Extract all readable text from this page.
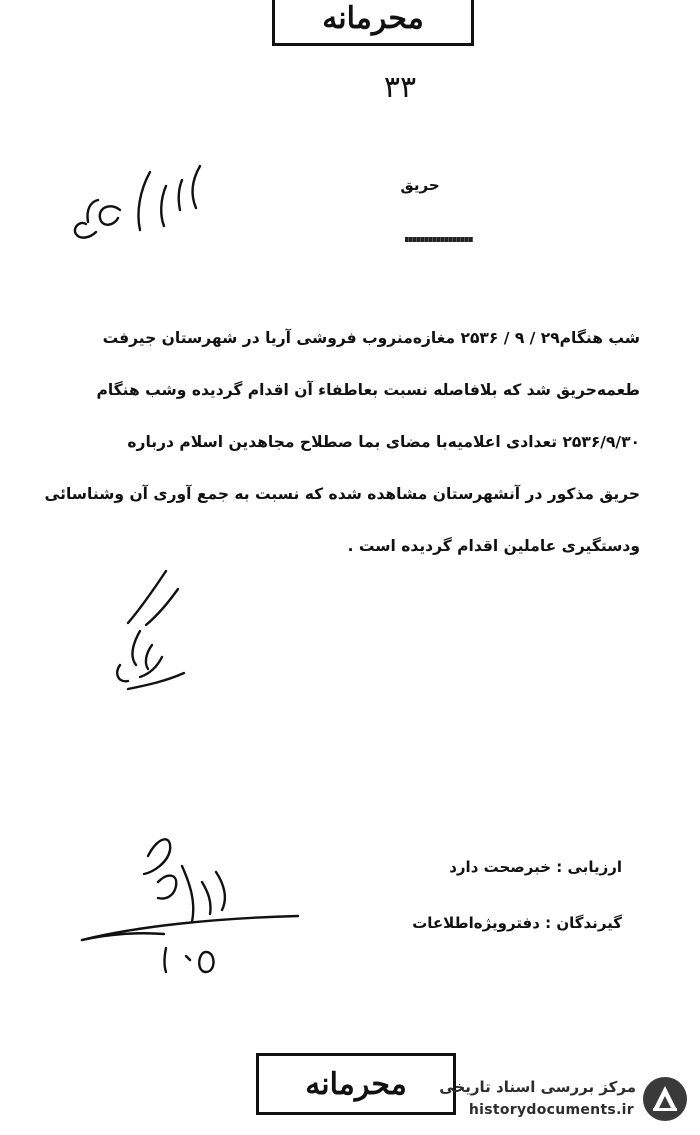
محرمانه
۳۳
حریق
شب هنگام۲۹ / ۹ / ۲۵۳۶ مغازه‌منروب فروشی آریا در شهرستان جیرفت
طعمه‌حریق شد که بلافاصله نسبت بعاطفاء آن اقدام گردیده وشب هنگام
۲۵۳۶/۹/۳۰ تعدادی اعلامیه‌با مضای بما صطلاح مجاهدین اسلام درباره
حریق مذکور در آنشهرستان مشاهده شده که نسبت به جمع آوری آن وشناسائی
ودستگیری عاملین اقدام گردیده است .
ارزیابی : خبرصحت دارد
گیرندگان : دفترویژه‌اطلاعات
محرمانه	مرکز بررسی اسناد تاریخی
historydocuments.ir
